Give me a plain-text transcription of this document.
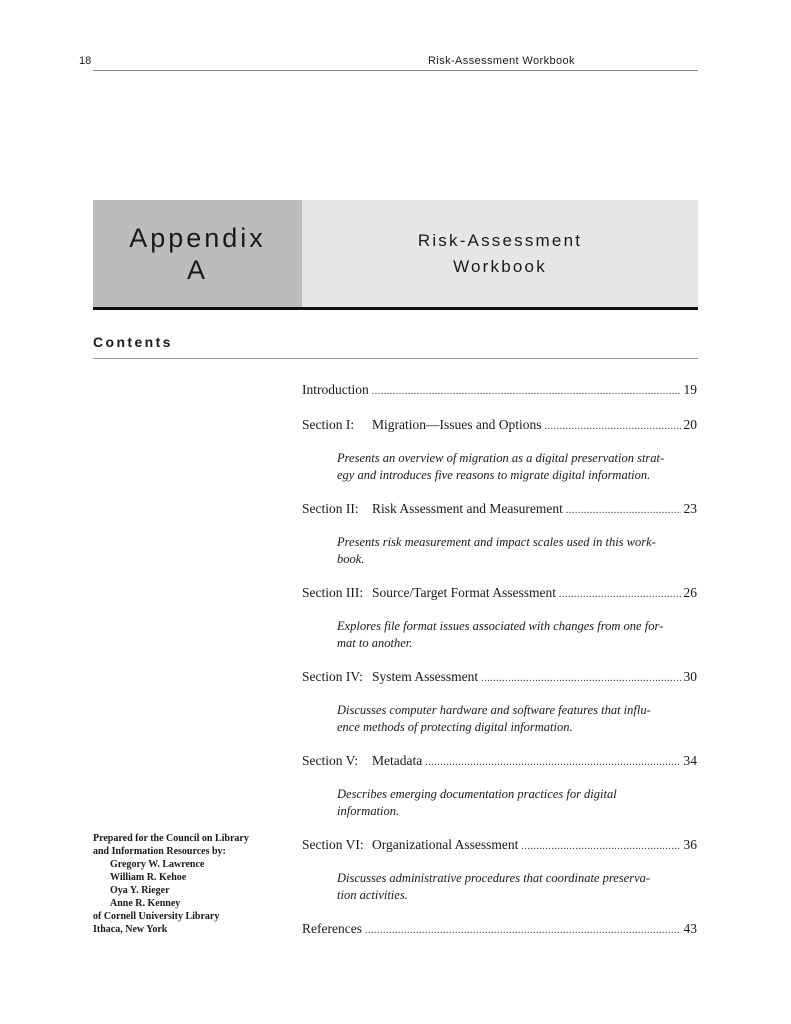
18	Risk-Assessment Workbook
Appendix
A
Risk-Assessment
Workbook
Contents
Introduction .....	19
Section I:	Migration—Issues and Options .....	20
Presents an overview of migration as a digital preservation strat-
egy and introduces five reasons to migrate digital information.
Section II: Risk Assessment and Measurement .....	23
Presents risk measurement and impact scales used in this work-
book.
Section III: Source/Target Format Assessment .....	26
Explores file format issues associated with changes from one for-
mat to another.
Section IV: System Assessment .....	30
Discusses computer hardware and software features that influ-
ence methods of protecting digital information.
Section V:	Metadata .....	34
Describes emerging documentation practices for digital
information.
Section VI: Organizational Assessment .....	36
Discusses administrative procedures that coordinate preserva-
tion activities.
References .....	43
Prepared for the Council on Library
and Information Resources by:
Gregory W. Lawrence
William R. Kehoe
Oya Y. Rieger
Anne R. Kenney
of Cornell University Library
Ithaca, New York
